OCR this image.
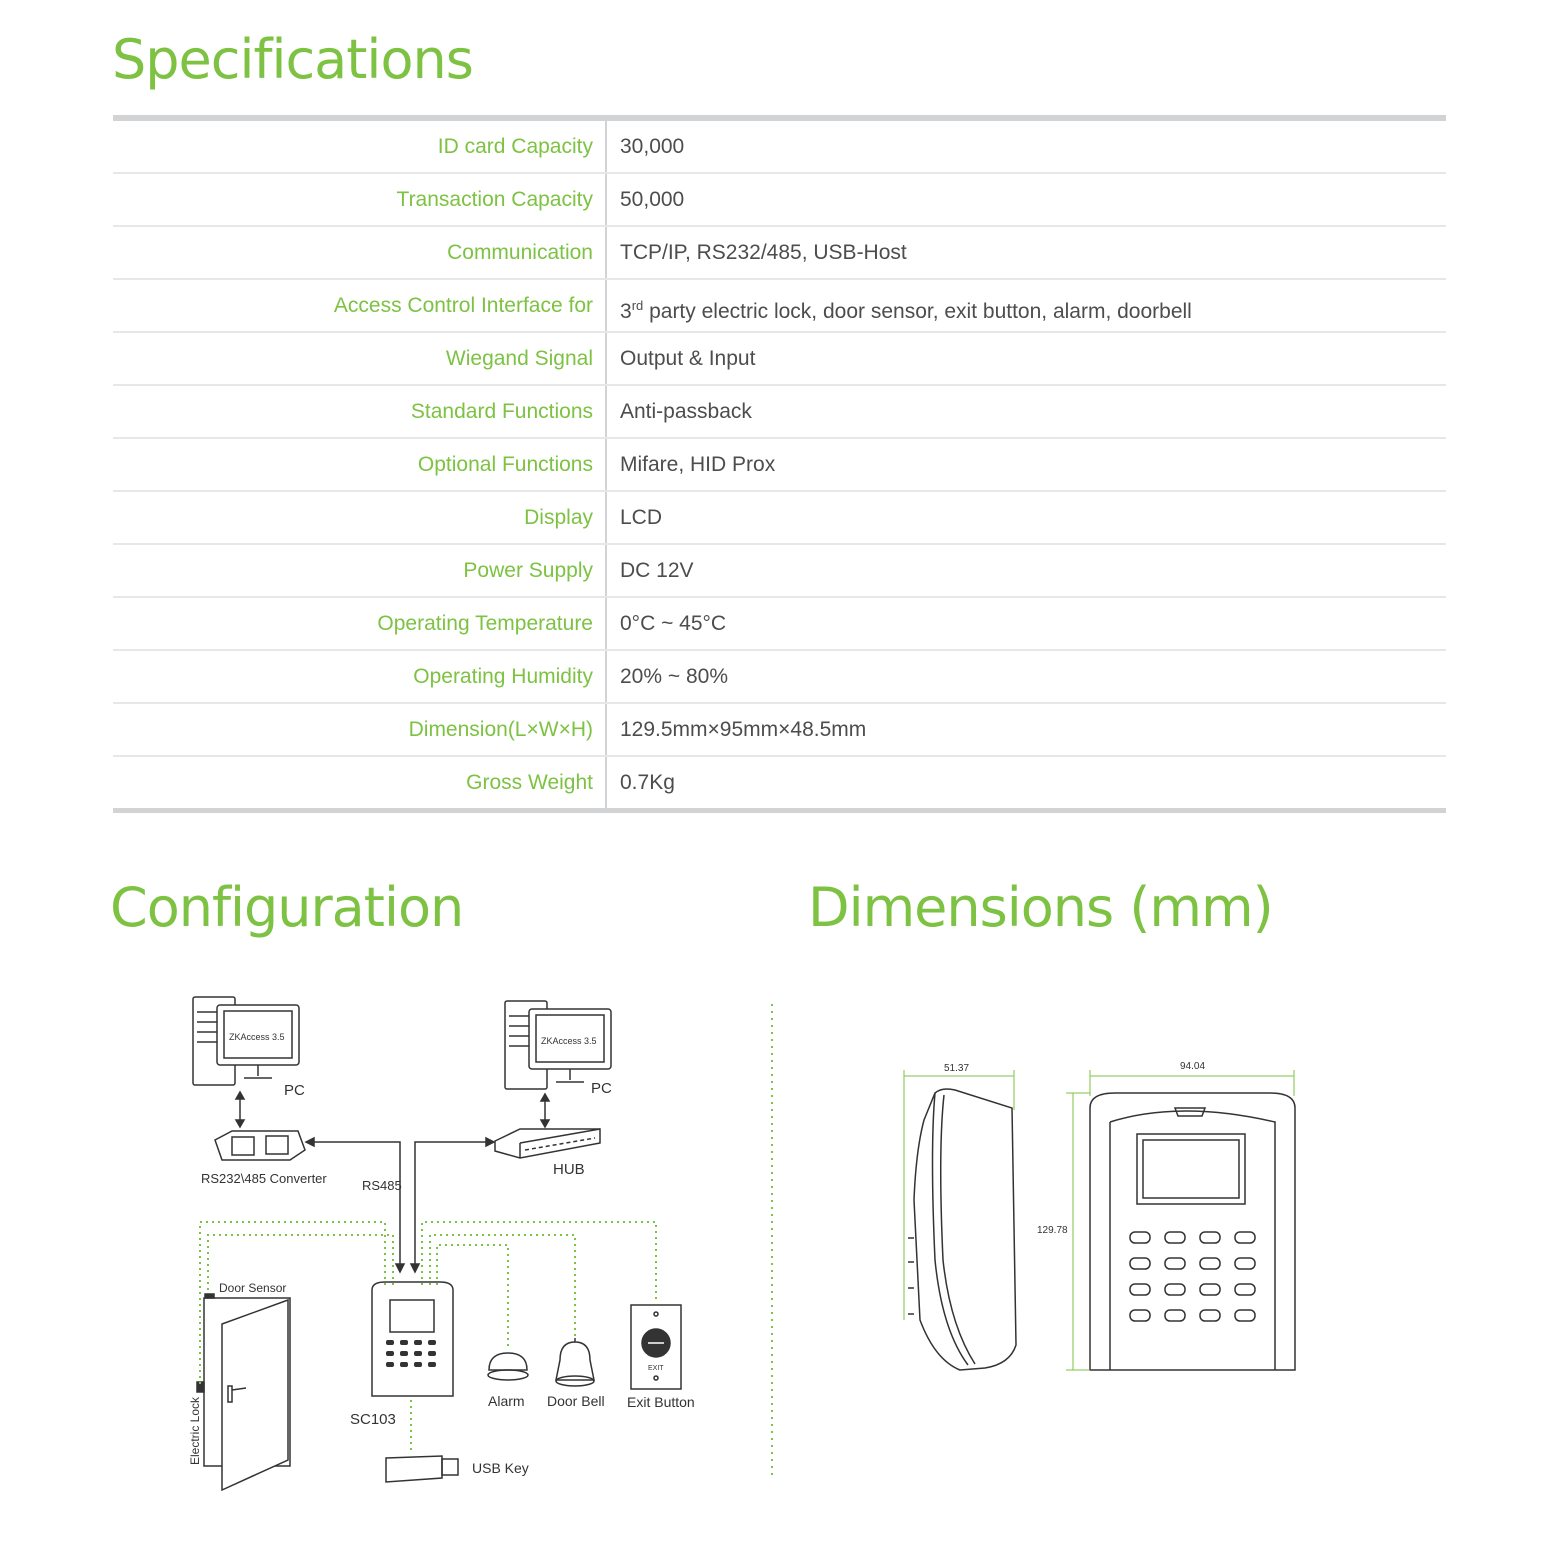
Specifications
ID card Capacity	30,000
Transaction Capacity	50,000
Communication	TCP/IP, RS232/485, USB-Host
Access Control Interface for	3rd party electric lock, door sensor, exit button, alarm, doorbell
Wiegand Signal	Output & Input
Standard Functions	Anti-passback
Optional Functions	Mifare, HID Prox
Display	LCD
Power Supply	DC 12V
Operating Temperature	0°C ~ 45°C
Operating Humidity	20% ~ 80%
Dimension(L×W×H)	129.5mm×95mm×48.5mm
Gross Weight	0.7Kg
Configuration	Dimensions (mm)
ZKAccess 3.5	ZKAccess 3.5
PC	PC
RS232\485 Converter
HUB
RS485
Door Sensor
Electric Lock	SC103
Alarm Door Bell Exit Button
EXIT
USB Key
51.37	94.04
129.78
